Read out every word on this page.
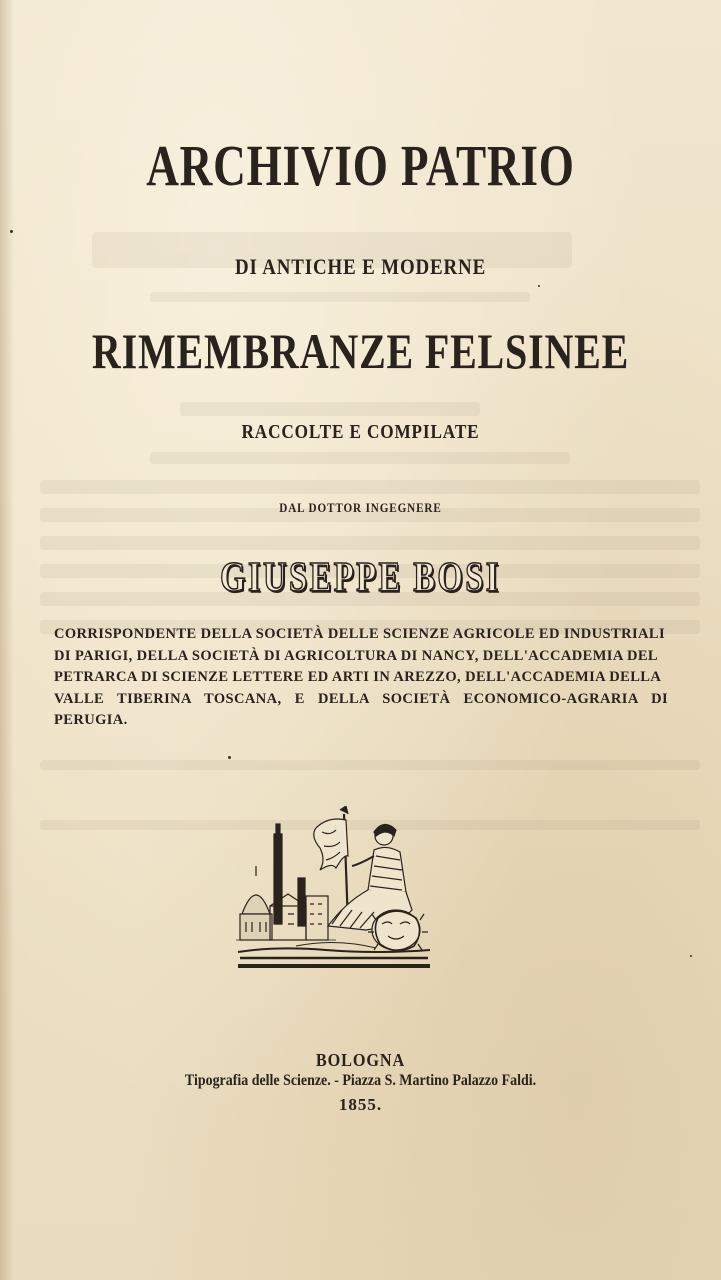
ARCHIVIO PATRIO
DI ANTICHE E MODERNE
RIMEMBRANZE FELSINEE
RACCOLTE E COMPILATE
DAL DOTTOR INGEGNERE
GIUSEPPE BOSI
CORRISPONDENTE DELLA SOCIETÀ DELLE SCIENZE AGRICOLE ED INDUSTRIALI
DI PARIGI, DELLA SOCIETÀ DI AGRICOLTURA DI NANCY, DELL'ACCADEMIA DEL
PETRARCA DI SCIENZE LETTERE ED ARTI IN AREZZO, DELL'ACCADEMIA DELLA
VALLE TIBERINA TOSCANA, E DELLA SOCIETÀ ECONOMICO-AGRARIA DI PERUGIA.
BOLOGNA
Tipografia delle Scienze. - Piazza S. Martino Palazzo Faldi.
1855.
